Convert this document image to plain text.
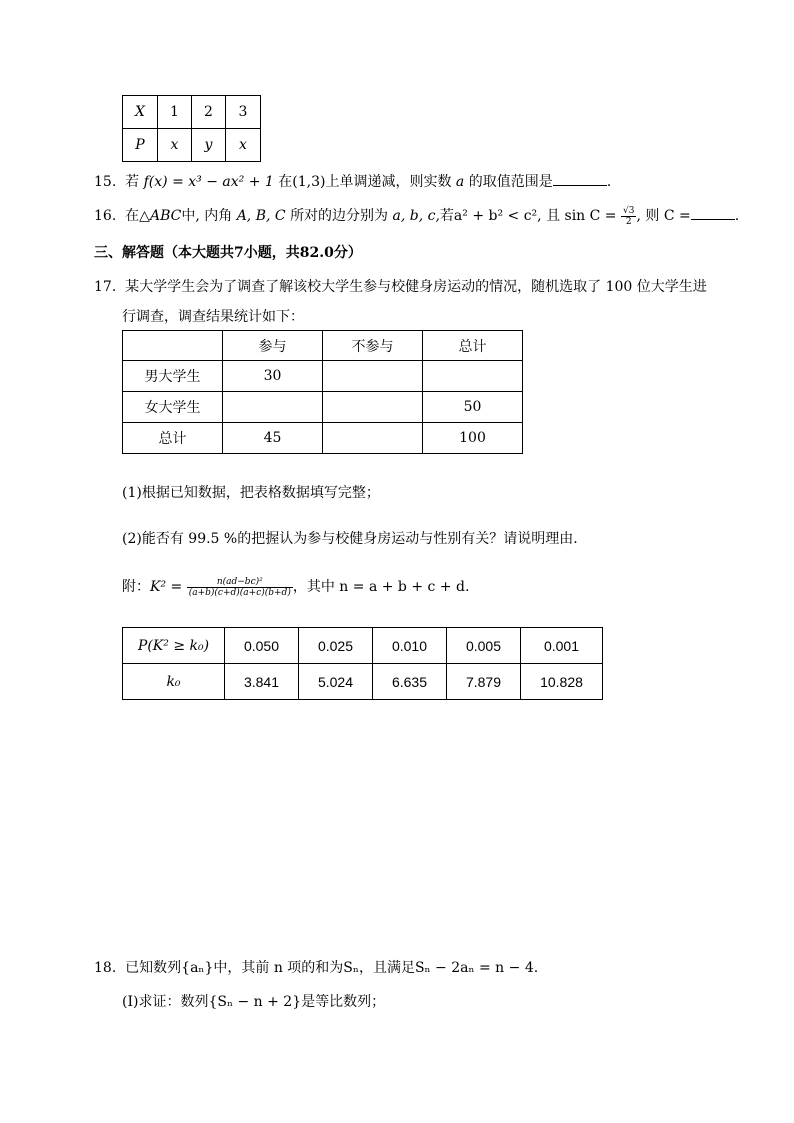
X	1	2	3
P	x	y	x
15. 若 f(x) = x³ − ax² + 1 在(1,3)上单调递减，则实数 a 的取值范围是	.
16. 在△ABC中, 内角 A, B, C 所对的边分别为 a, b, c,若a² + b² < c², 且 $\sin C = \frac{√3}{2}$ , 则 C =	.
三、解答题（本大题共7小题，共82.0分）
17. 某大学学生会为了调查了解该校大学生参与校健身房运动的情况，随机选取了 100 位大学生进
行调查，调查结果统计如下：
	参与	不参与	总计
男大学生	30		
女大学生			50
总计	45		100
(1)根据已知数据，把表格数据填写完整；
(2)能否有 99.5 %的把握认为参与校健身房运动与性别有关？请说明理由.
附：$K^2 = \frac{\text{n(ad−bc)²}}{(a+b)(c+d)(a+c)(b+d)}$ ，其中 n = a + b + c + d.
P(K² ≥ k₀)	0.050	0.025	0.010	0.005	0.001
k₀	3.841	5.024	6.635	7.879	10.828
18. 已知数列{aₙ}中，其前 n 项的和为Sₙ，且满足Sₙ − 2aₙ = n − 4.
(Ⅰ)求证：数列{Sₙ − n + 2}是等比数列；
